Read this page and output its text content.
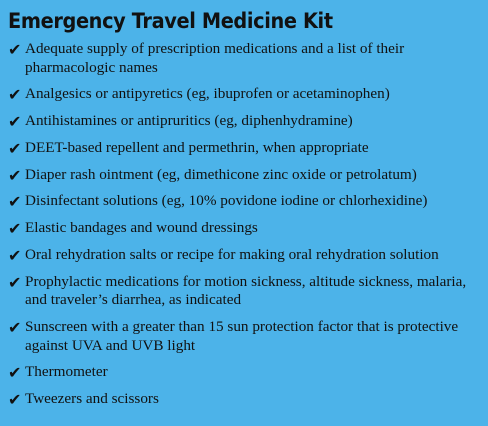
Emergency Travel Medicine Kit
✔ Adequate supply of prescription medications and a list of their pharmacologic names
✔ Analgesics or antipyretics (eg, ibuprofen or acetaminophen)
✔ Antihistamines or antipruritics (eg, diphenhydramine)
✔ DEET-based repellent and permethrin, when appropriate
✔ Diaper rash ointment (eg, dimethicone zinc oxide or petrolatum)
✔ Disinfectant solutions (eg, 10% povidone iodine or chlorhexidine)
✔ Elastic bandages and wound dressings
✔ Oral rehydration salts or recipe for making oral rehydration solution
✔ Prophylactic medications for motion sickness, altitude sickness, malaria, and traveler’s diarrhea, as indicated
✔ Sunscreen with a greater than 15 sun protection factor that is protective against UVA and UVB light
✔ Thermometer
✔ Tweezers and scissors
